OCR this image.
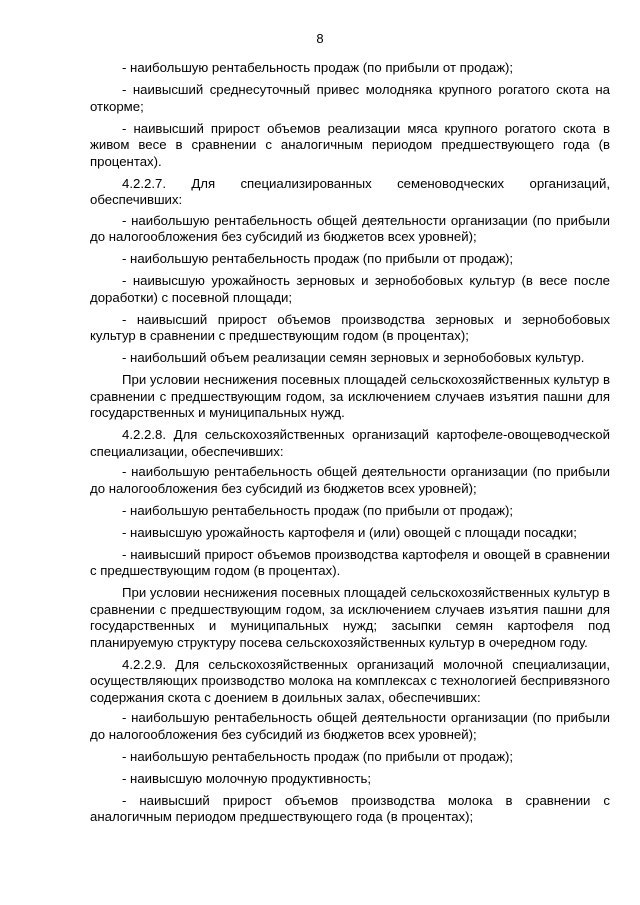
8

- наибольшую рентабельность продаж (по прибыли от продаж);

- наивысший среднесуточный привес молодняка крупного рогатого скота на откорме;

- наивысший прирост объемов реализации мяса крупного рогатого скота в живом весе в сравнении с аналогичным периодом предшествующего года (в процентах).

4.2.2.7. Для специализированных семеноводческих организаций, обеспечивших:

- наибольшую рентабельность общей деятельности организации (по прибыли до налогообложения без субсидий из бюджетов всех уровней);

- наибольшую рентабельность продаж (по прибыли от продаж);

- наивысшую урожайность зерновых и зернобобовых культур (в весе после доработки) с посевной площади;

- наивысший прирост объемов производства зерновых и зернобобовых культур в сравнении с предшествующим годом (в процентах);

- наибольший объем реализации семян зерновых и зернобобовых культур.

При условии неснижения посевных площадей сельскохозяйственных культур в сравнении с предшествующим годом, за исключением случаев изъятия пашни для государственных и муниципальных нужд.

4.2.2.8. Для сельскохозяйственных организаций картофеле-овощеводческой специализации, обеспечивших:

- наибольшую рентабельность общей деятельности организации (по прибыли до налогообложения без субсидий из бюджетов всех уровней);

- наибольшую рентабельность продаж (по прибыли от продаж);

- наивысшую урожайность картофеля и (или) овощей с площади посадки;

- наивысший прирост объемов производства картофеля и овощей в сравнении с предшествующим годом (в процентах).

При условии неснижения посевных площадей сельскохозяйственных культур в сравнении с предшествующим годом, за исключением случаев изъятия пашни для государственных и муниципальных нужд; засыпки семян картофеля под планируемую структуру посева сельскохозяйственных культур в очередном году.

4.2.2.9. Для сельскохозяйственных организаций молочной специализации, осуществляющих производство молока на комплексах с технологией беспривязного содержания скота с доением в доильных залах, обеспечивших:

- наибольшую рентабельность общей деятельности организации (по прибыли до налогообложения без субсидий из бюджетов всех уровней);

- наибольшую рентабельность продаж (по прибыли от продаж);

- наивысшую молочную продуктивность;

- наивысший прирост объемов производства молока в сравнении с аналогичным периодом предшествующего года (в процентах);
